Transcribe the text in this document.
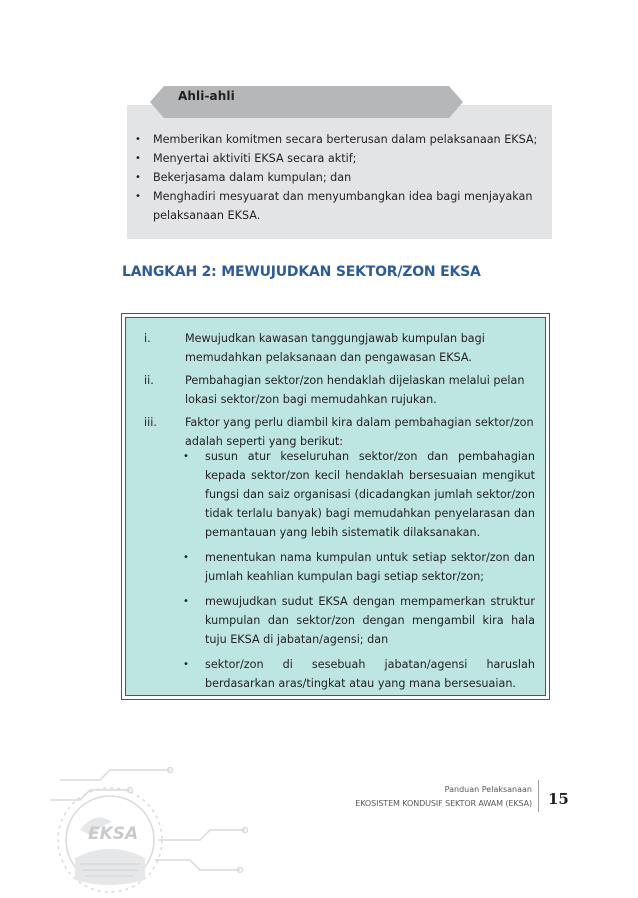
Ahli-ahli
• Memberikan komitmen secara berterusan dalam pelaksanaan EKSA;
• Menyertai aktiviti EKSA secara aktif;
• Bekerjasama dalam kumpulan; dan
• Menghadiri mesyuarat dan menyumbangkan idea bagi menjayakan
pelaksanaan EKSA.
LANGKAH 2: MEWUJUDKAN SEKTOR/ZON EKSA
i.	Mewujudkan kawasan tanggungjawab kumpulan bagi
memudahkan pelaksanaan dan pengawasan EKSA.
ii.	Pembahagian sektor/zon hendaklah dijelaskan melalui pelan
lokasi sektor/zon bagi memudahkan rujukan.
iii.	Faktor yang perlu diambil kira dalam pembahagian sektor/zon
adalah seperti yang berikut:
• susun atur keseluruhan sektor/zon dan pembahagian kepada sektor/zon kecil hendaklah bersesuaian mengikut fungsi dan saiz organisasi (dicadangkan jumlah sektor/zon tidak terlalu banyak) bagi memudahkan penyelarasan dan pemantauan yang lebih sistematik dilaksanakan.
• menentukan nama kumpulan untuk setiap sektor/zon dan jumlah keahlian kumpulan bagi setiap sektor/zon;
• mewujudkan sudut EKSA dengan mempamerkan struktur kumpulan dan sektor/zon dengan mengambil kira hala tuju EKSA di jabatan/agensi; dan
• sektor/zon di sesebuah jabatan/agensi haruslah berdasarkan aras/tingkat atau yang mana bersesuaian.
Panduan Pelaksanaan
EKOSISTEM KONDUSIF SEKTOR AWAM (EKSA) 15
EKSA
